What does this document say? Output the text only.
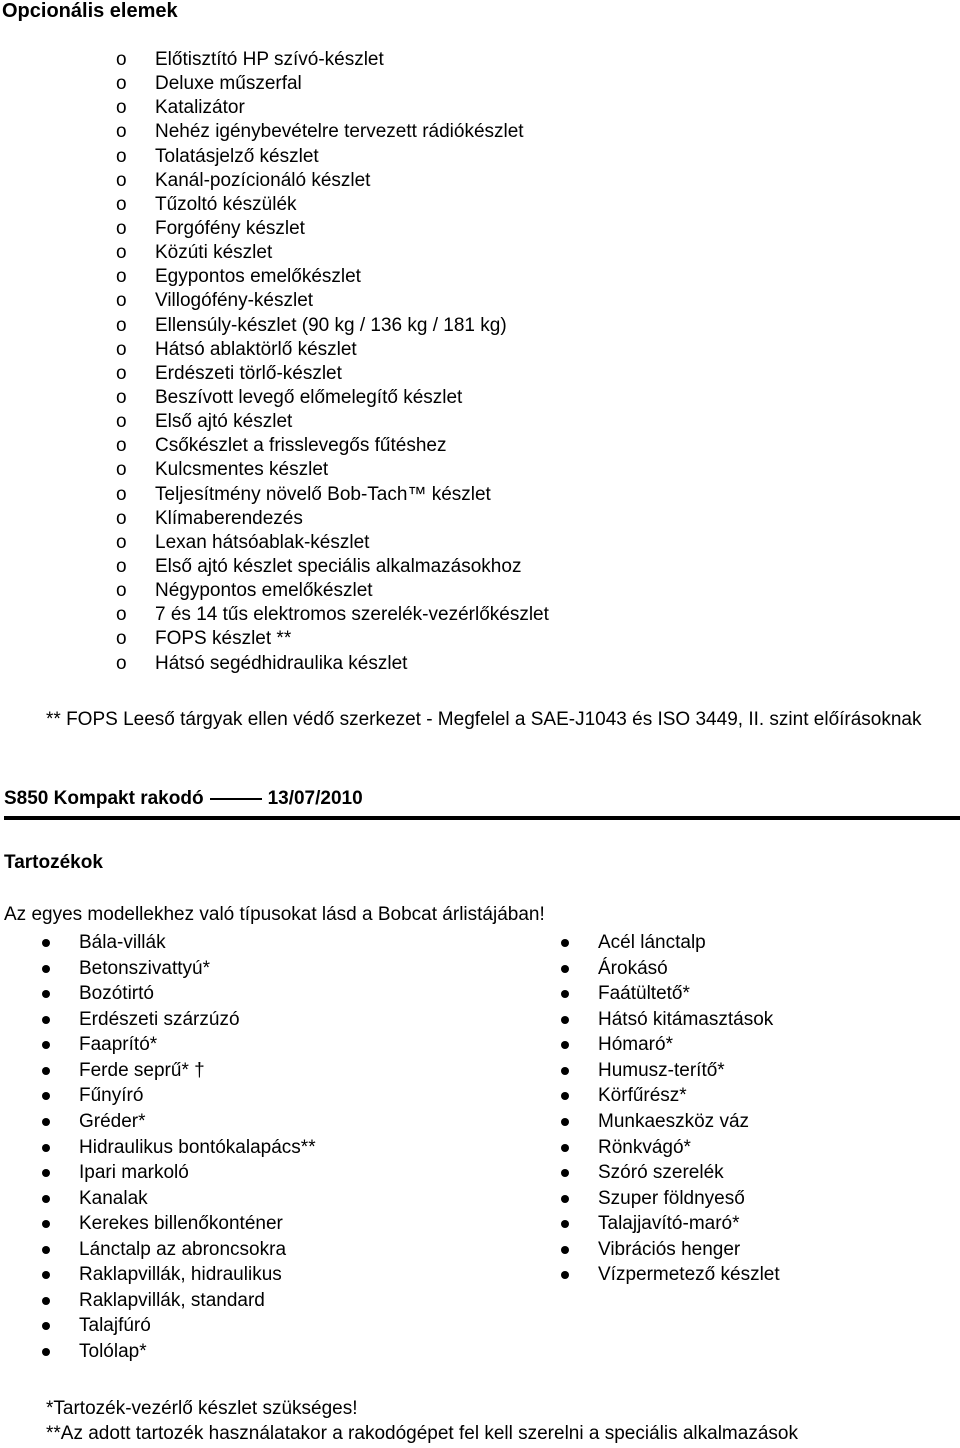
Opcionális elemek
o Előtisztító HP szívó-készlet
o Deluxe műszerfal
o Katalizátor
o Nehéz igénybevételre tervezett rádiókészlet
o Tolatásjelző készlet
o Kanál-pozícionáló készlet
o Tűzoltó készülék
o Forgófény készlet
o Közúti készlet
o Egypontos emelőkészlet
o Villogófény-készlet
o Ellensúly-készlet (90 kg / 136 kg / 181 kg)
o Hátsó ablaktörlő készlet
o Erdészeti törlő-készlet
o Beszívott levegő előmelegítő készlet
o Első ajtó készlet
o Csőkészlet a frisslevegős fűtéshez
o Kulcsmentes készlet
o Teljesítmény növelő Bob-Tach™ készlet
o Klímaberendezés
o Lexan hátsóablak-készlet
o Első ajtó készlet speciális alkalmazásokhoz
o Négypontos emelőkészlet
o 7 és 14 tűs elektromos szerelék-vezérlőkészlet
o FOPS készlet **
o Hátsó segédhidraulika készlet

** FOPS Leeső tárgyak ellen védő szerkezet - Megfelel a SAE-J1043 és ISO 3449, II. szint előírásoknak

S850 Kompakt rakodó	13/07/2010
Tartozékok

Az egyes modellekhez való típusokat lásd a Bobcat árlistájában!

Bála-villák
Betonszivattyú*
Bozótirtó
Erdészeti szárzúzó
Faaprító*
Ferde seprű* †
Fűnyíró
Gréder*
Hidraulikus bontókalapács**
Ipari markoló
Kanalak
Kerekes billenőkonténer
Lánctalp az abroncsokra
Raklapvillák, hidraulikus
Raklapvillák, standard
Talajfúró
Tolólap*
Acél lánctalp
Árokásó
Faátültető*
Hátsó kitámasztások
Hómaró*
Humusz-terítő*
Körfűrész*
Munkaeszköz váz
Rönkvágó*
Szóró szerelék
Szuper földnyeső
Talajjavító-maró*
Vibrációs henger
Vízpermetező készlet
*Tartozék-vezérlő készlet szükséges!
**Az adott tartozék használatakor a rakodógépet fel kell szerelni a speciális alkalmazások
